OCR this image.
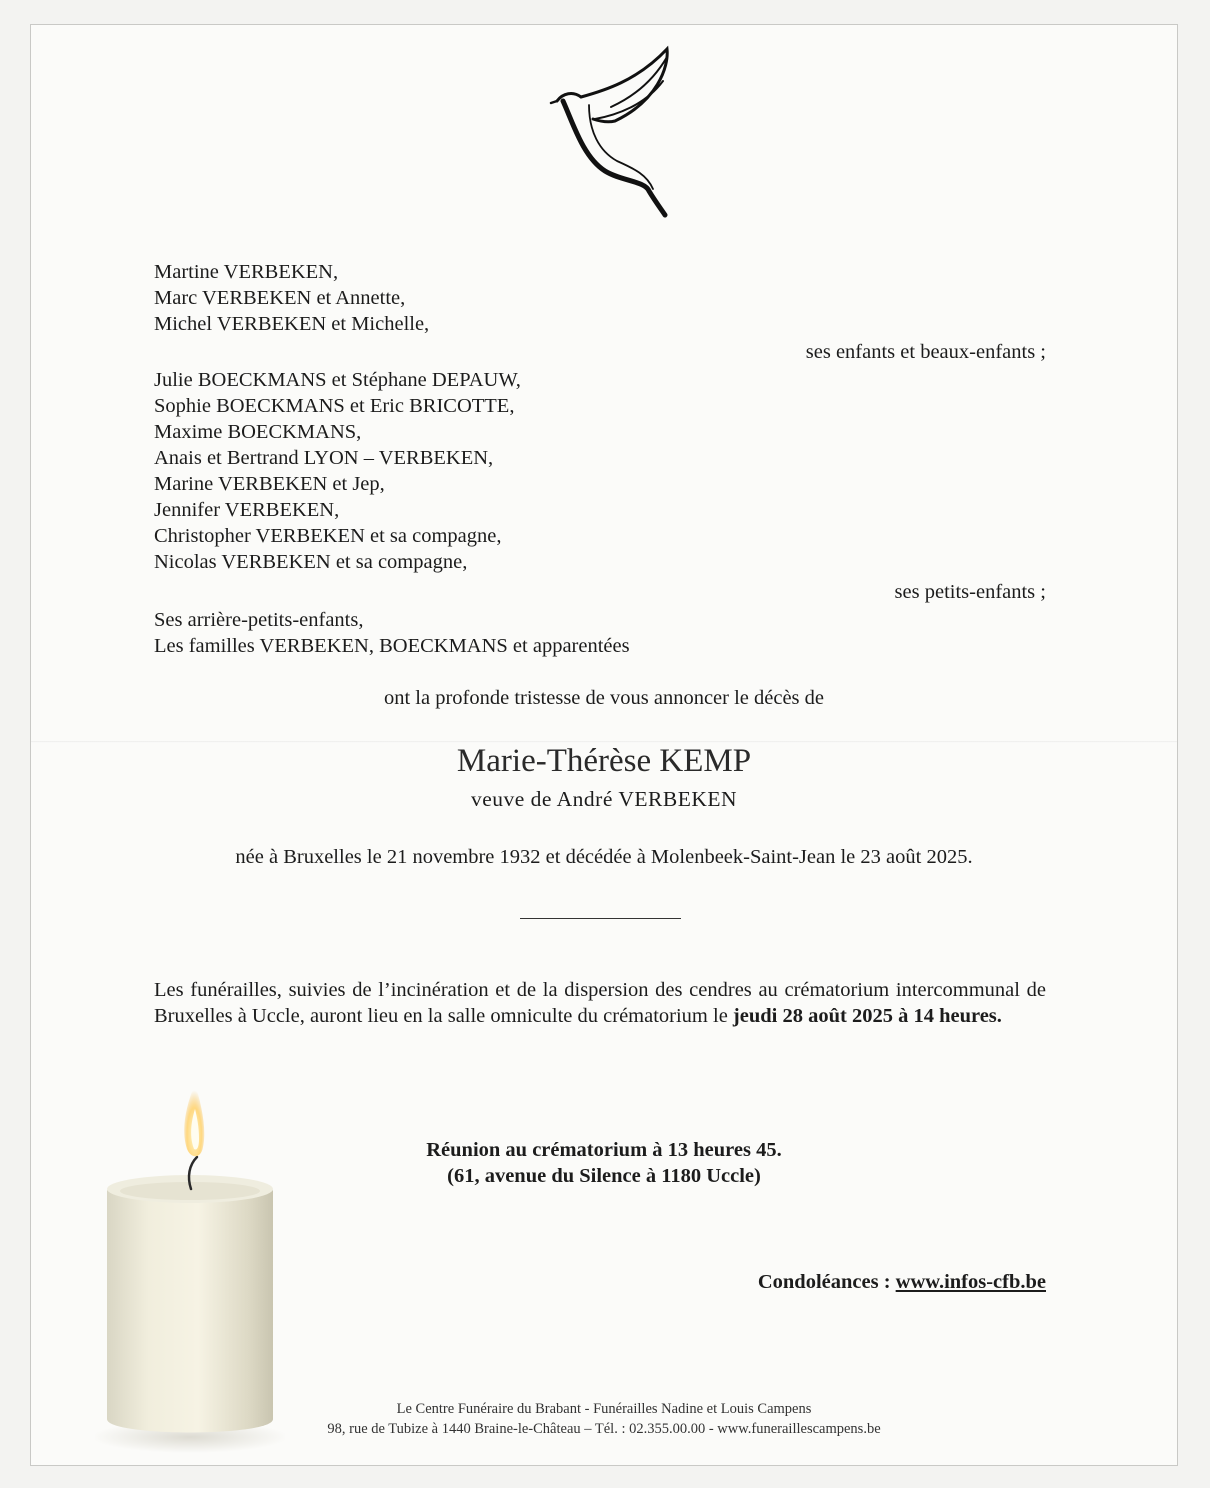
Martine VERBEKEN,
Marc VERBEKEN et Annette,
Michel VERBEKEN et Michelle,
ses enfants et beaux-enfants ;
Julie BOECKMANS et Stéphane DEPAUW,
Sophie BOECKMANS et Eric BRICOTTE,
Maxime BOECKMANS,
Anais et Bertrand LYON – VERBEKEN,
Marine VERBEKEN et Jep,
Jennifer VERBEKEN,
Christopher VERBEKEN et sa compagne,
Nicolas VERBEKEN et sa compagne,
ses petits-enfants ;
Ses arrière-petits-enfants,
Les familles VERBEKEN, BOECKMANS et apparentées
ont la profonde tristesse de vous annoncer le décès de
Marie-Thérèse KEMP
veuve de André VERBEKEN
née à Bruxelles le 21 novembre 1932 et décédée à Molenbeek-Saint-Jean le 23 août 2025.
Les funérailles, suivies de l’incinération et de la dispersion des cendres au crématorium intercommunal de Bruxelles à Uccle, auront lieu en la salle omniculte du crématorium le jeudi 28 août 2025 à 14 heures.
Réunion au crématorium à 13 heures 45.
(61, avenue du Silence à 1180 Uccle)
Condoléances : www.infos-cfb.be
Le Centre Funéraire du Brabant - Funérailles Nadine et Louis Campens
98, rue de Tubize à 1440 Braine-le-Château – Tél. : 02.355.00.00 - www.funeraillescampens.be
